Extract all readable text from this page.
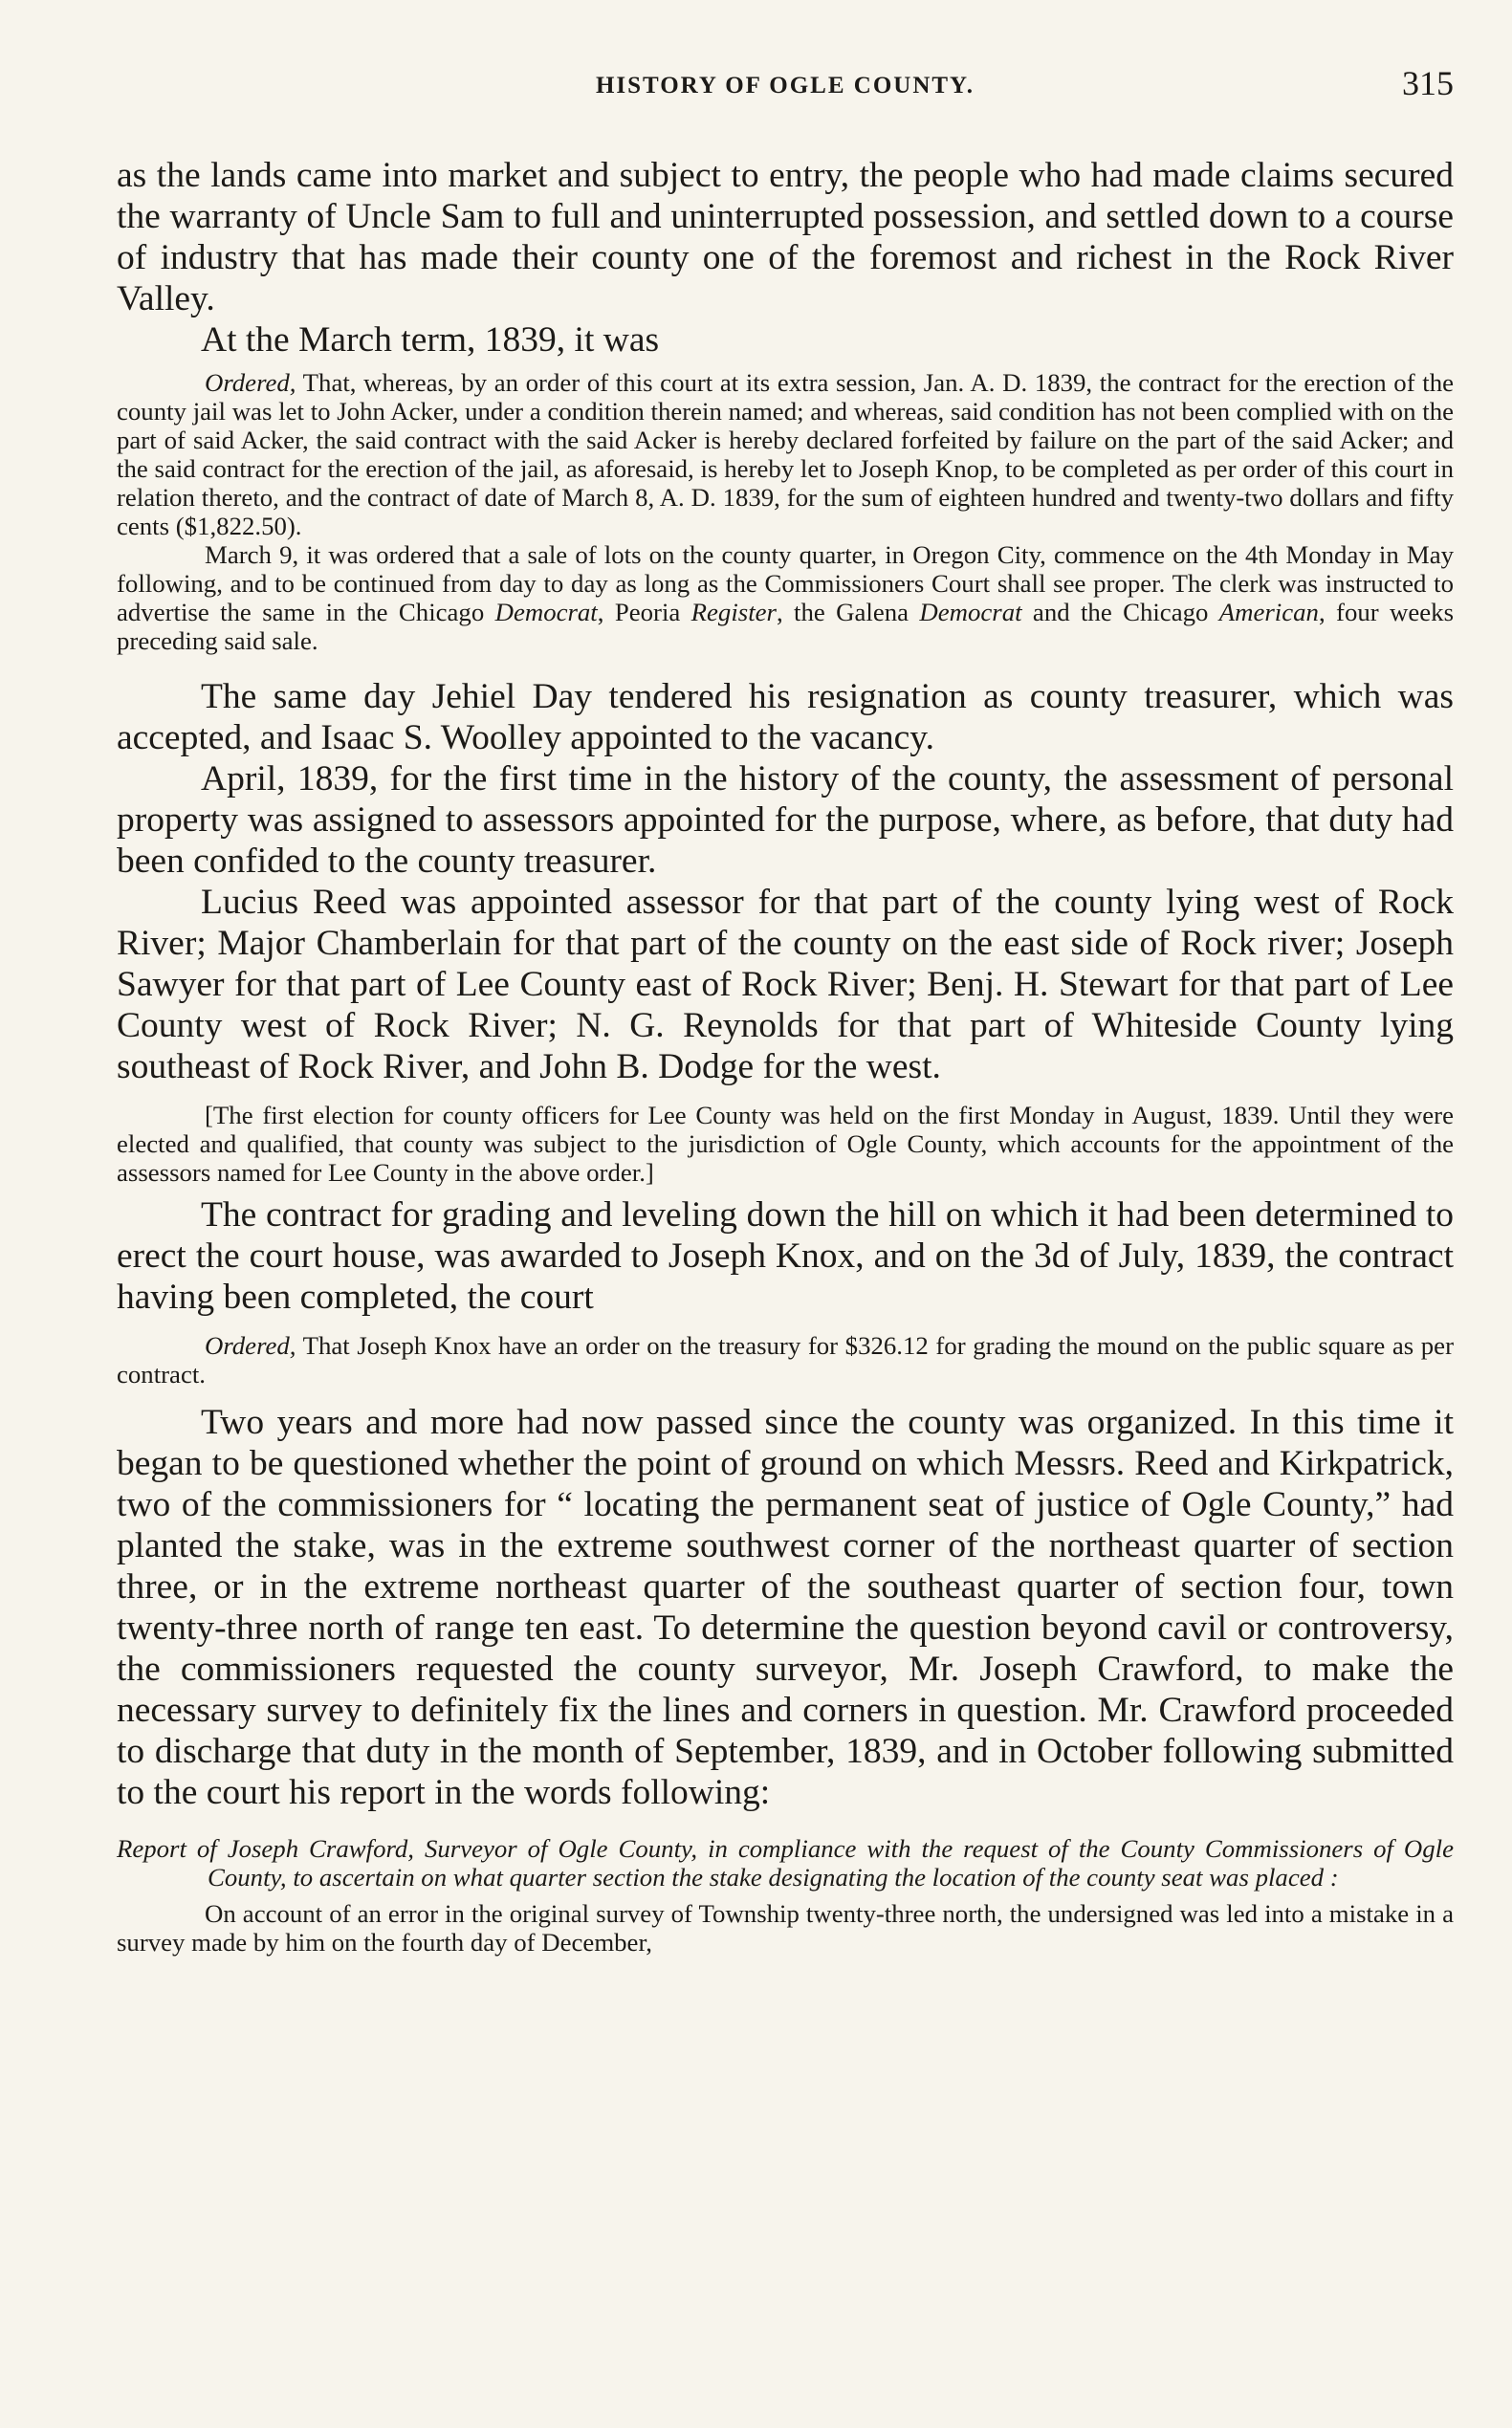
HISTORY OF OGLE COUNTY.	315

as the lands came into market and subject to entry, the people who had made claims secured the warranty of Uncle Sam to full and uninterrupted possession, and settled down to a course of industry that has made their county one of the foremost and richest in the Rock River Valley.

At the March term, 1839, it was

Ordered, That, whereas, by an order of this court at its extra session, Jan. A. D. 1839, the contract for the erection of the county jail was let to John Acker, under a condition therein named; and whereas, said condition has not been complied with on the part of said Acker, the said contract with the said Acker is hereby declared forfeited by failure on the part of the said Acker; and the said contract for the erection of the jail, as aforesaid, is hereby let to Joseph Knop, to be completed as per order of this court in relation thereto, and the contract of date of March 8, A. D. 1839, for the sum of eighteen hundred and twenty-two dollars and fifty cents ($1,822.50).

March 9, it was ordered that a sale of lots on the county quarter, in Oregon City, commence on the 4th Monday in May following, and to be continued from day to day as long as the Commissioners Court shall see proper. The clerk was instructed to advertise the same in the Chicago Democrat, Peoria Register, the Galena Democrat and the Chicago American, four weeks preceding said sale.

The same day Jehiel Day tendered his resignation as county treasurer, which was accepted, and Isaac S. Woolley appointed to the vacancy.

April, 1839, for the first time in the history of the county, the assessment of personal property was assigned to assessors appointed for the purpose, where, as before, that duty had been confided to the county treasurer.

Lucius Reed was appointed assessor for that part of the county lying west of Rock River; Major Chamberlain for that part of the county on the east side of Rock river; Joseph Sawyer for that part of Lee County east of Rock River; Benj. H. Stewart for that part of Lee County west of Rock River; N. G. Reynolds for that part of Whiteside County lying southeast of Rock River, and John B. Dodge for the west.

[The first election for county officers for Lee County was held on the first Monday in August, 1839. Until they were elected and qualified, that county was subject to the jurisdiction of Ogle County, which accounts for the appointment of the assessors named for Lee County in the above order.]

The contract for grading and leveling down the hill on which it had been determined to erect the court house, was awarded to Joseph Knox, and on the 3d of July, 1839, the contract having been completed, the court

Ordered, That Joseph Knox have an order on the treasury for $326.12 for grading the mound on the public square as per contract.

Two years and more had now passed since the county was organized. In this time it began to be questioned whether the point of ground on which Messrs. Reed and Kirkpatrick, two of the commissioners for “ locating the permanent seat of justice of Ogle County,” had planted the stake, was in the extreme southwest corner of the northeast quarter of section three, or in the extreme northeast quarter of the southeast quarter of section four, town twenty-three north of range ten east. To determine the question beyond cavil or controversy, the commissioners requested the county surveyor, Mr. Joseph Crawford, to make the necessary survey to definitely fix the lines and corners in question. Mr. Crawford proceeded to discharge that duty in the month of September, 1839, and in October following submitted to the court his report in the words following:

Report of Joseph Crawford, Surveyor of Ogle County, in compliance with the request of the County Commissioners of Ogle County, to ascertain on what quarter section the stake designating the location of the county seat was placed :

On account of an error in the original survey of Township twenty-three north, the undersigned was led into a mistake in a survey made by him on the fourth day of December,
